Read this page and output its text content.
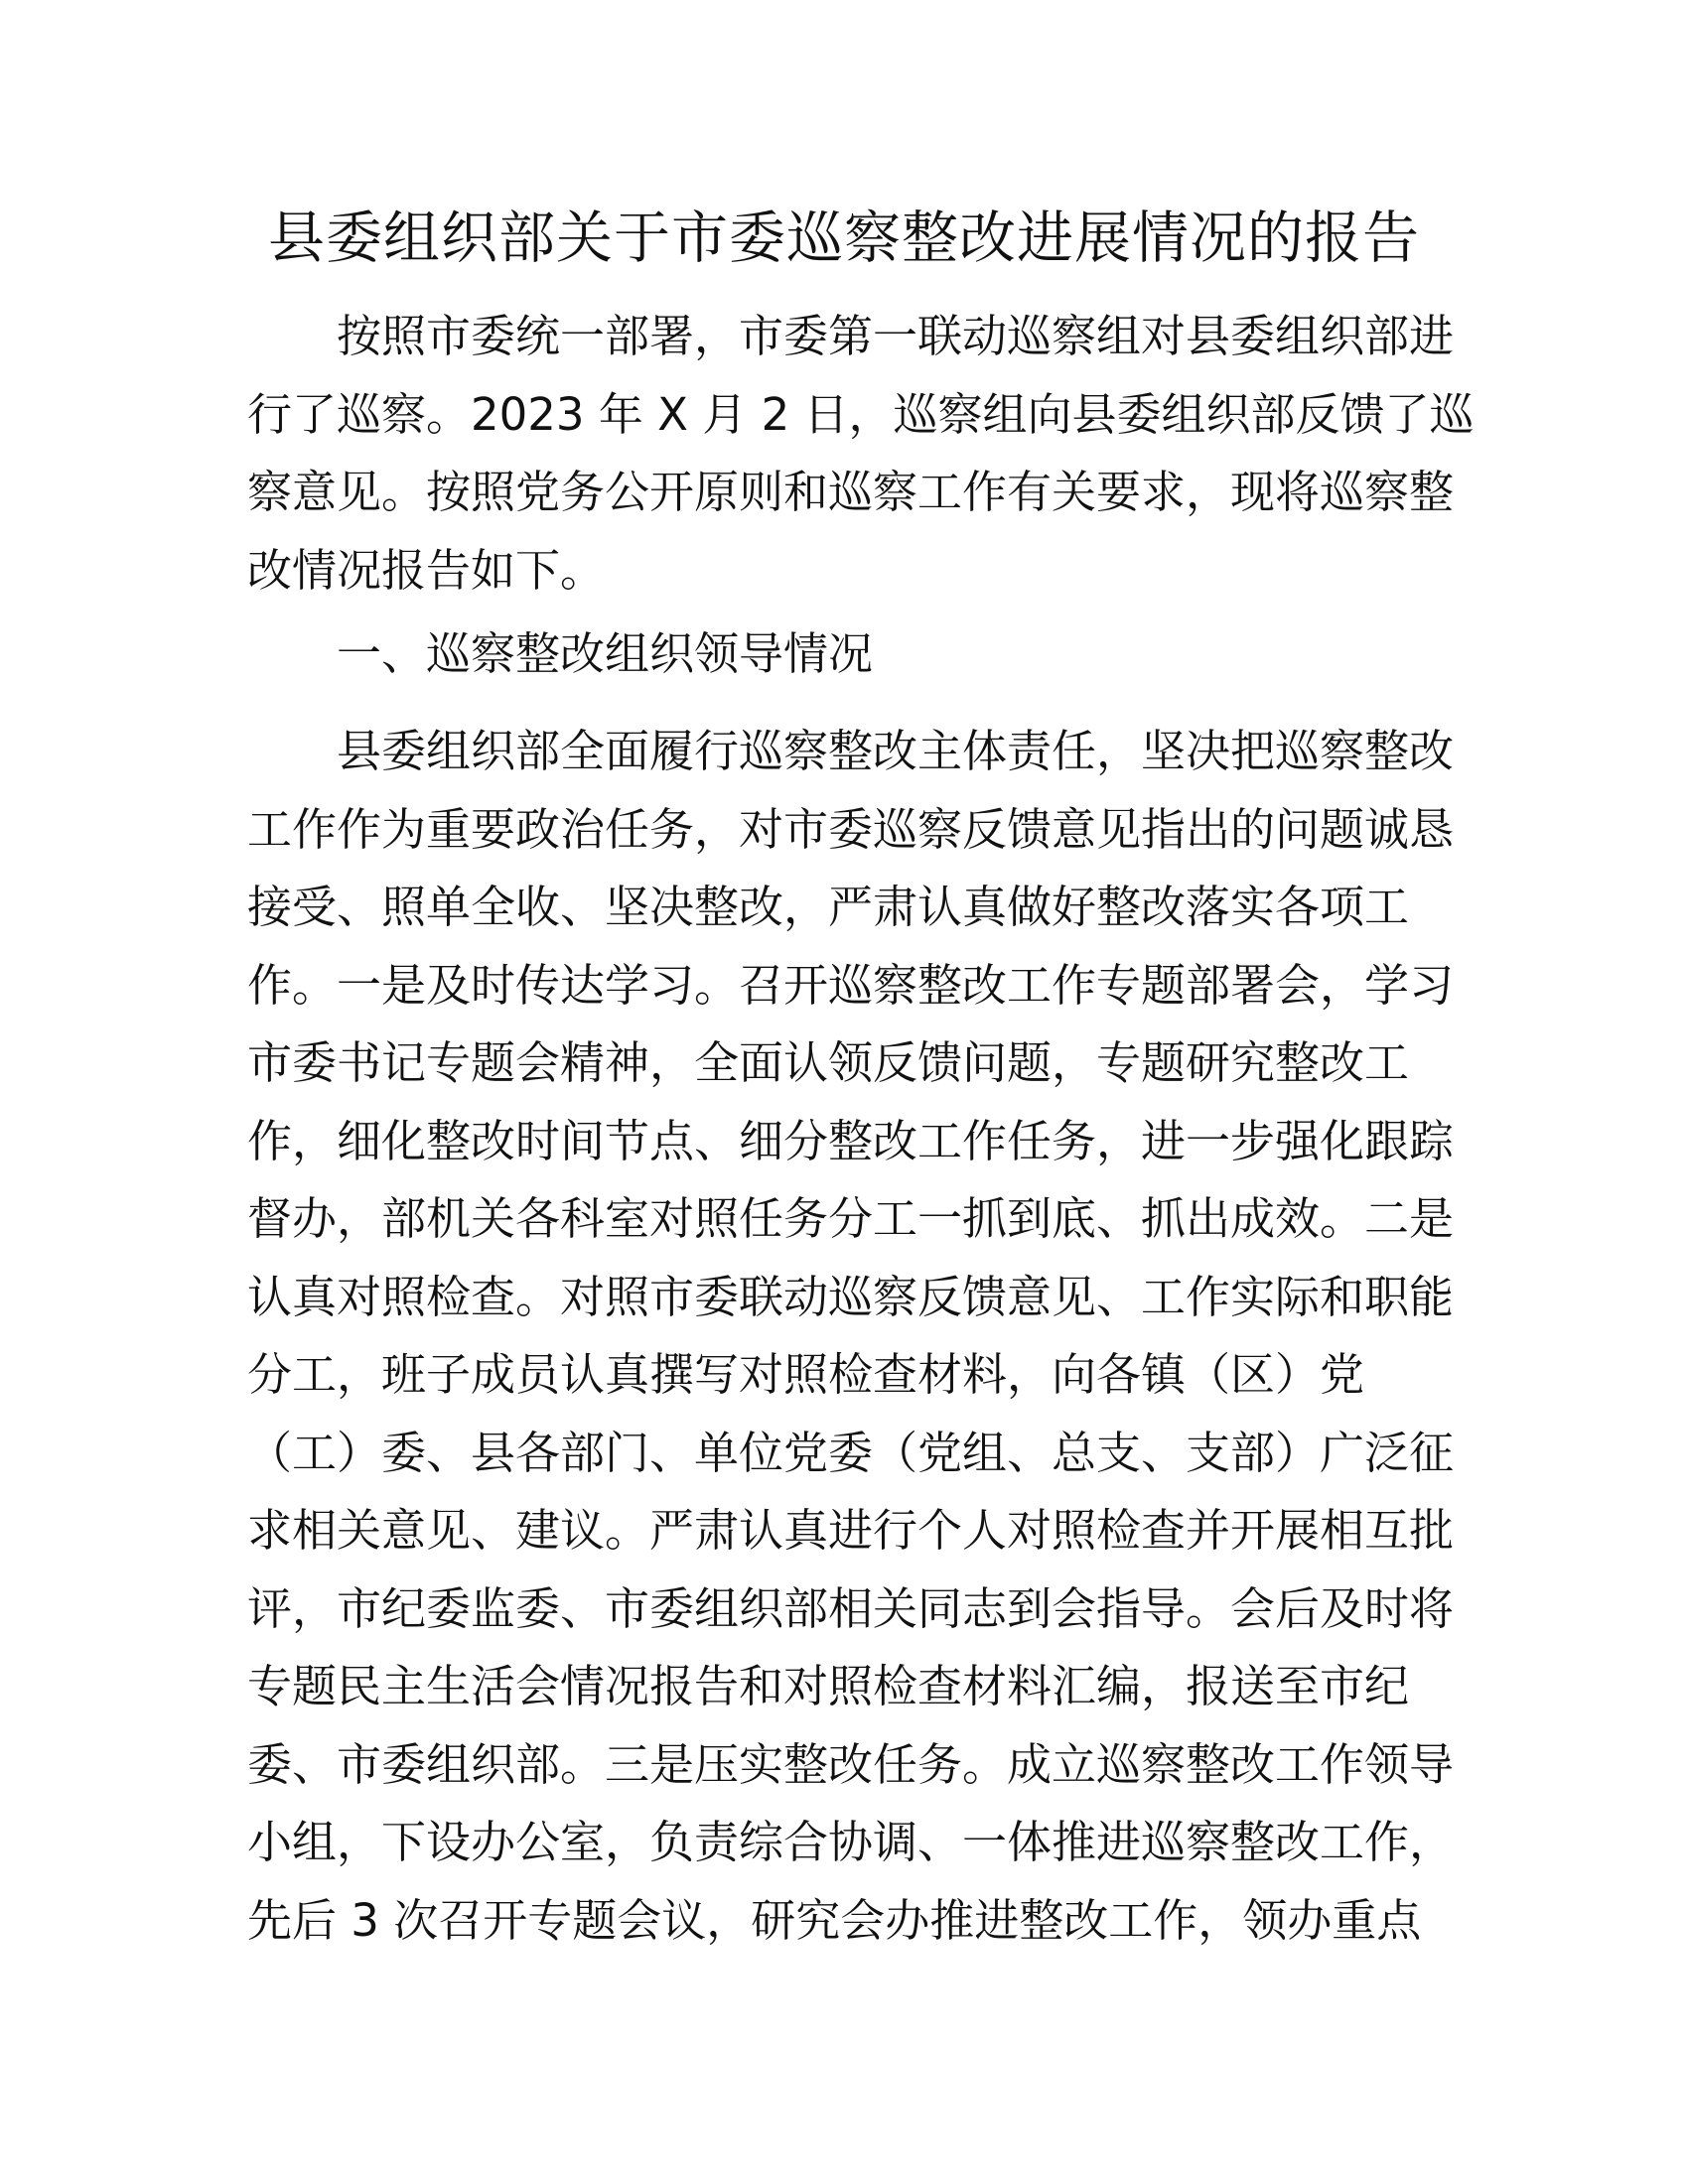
县委组织部关于市委巡察整改进展情况的报告
按照市委统一部署，市委第一联动巡察组对县委组织部进
行了巡察。2023 年 X 月 2 日，巡察组向县委组织部反馈了巡
察意见。按照党务公开原则和巡察工作有关要求，现将巡察整
改情况报告如下。
一、巡察整改组织领导情况
县委组织部全面履行巡察整改主体责任，坚决把巡察整改
工作作为重要政治任务，对市委巡察反馈意见指出的问题诚恳
接受、照单全收、坚决整改，严肃认真做好整改落实各项工
作。一是及时传达学习。召开巡察整改工作专题部署会，学习
市委书记专题会精神，全面认领反馈问题，专题研究整改工
作，细化整改时间节点、细分整改工作任务，进一步强化跟踪
督办，部机关各科室对照任务分工一抓到底、抓出成效。二是
认真对照检查。对照市委联动巡察反馈意见、工作实际和职能
分工，班子成员认真撰写对照检查材料，向各镇（区）党
（工）委、县各部门、单位党委（党组、总支、支部）广泛征
求相关意见、建议。严肃认真进行个人对照检查并开展相互批
评，市纪委监委、市委组织部相关同志到会指导。会后及时将
专题民主生活会情况报告和对照检查材料汇编，报送至市纪
委、市委组织部。三是压实整改任务。成立巡察整改工作领导
小组，下设办公室，负责综合协调、一体推进巡察整改工作，
先后 3 次召开专题会议，研究会办推进整改工作，领办重点
